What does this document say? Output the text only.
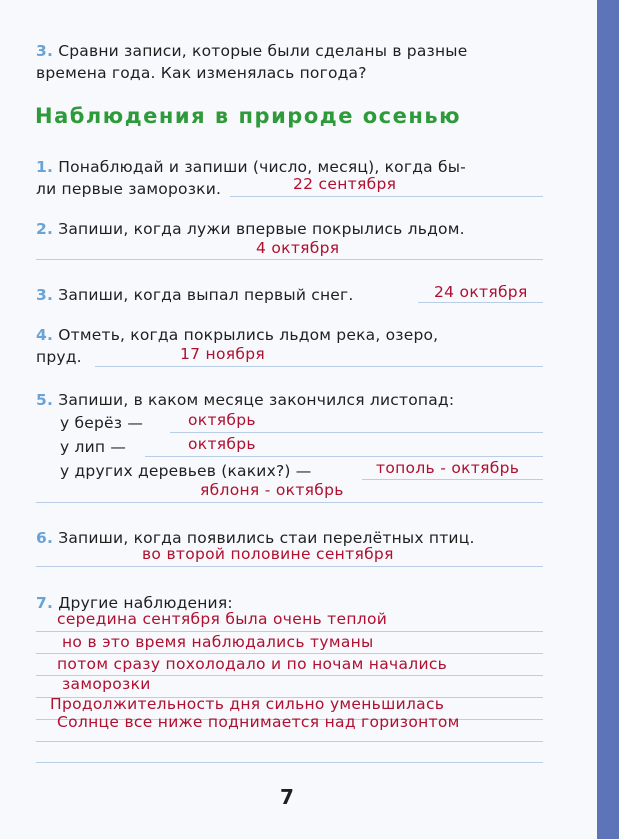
3. Сравни записи, которые были сделаны в разные
времена года. Как изменялась погода?
Наблюдения в природе осенью
1. Понаблюдай и запиши (число, месяц), когда бы-
ли первые заморозки.	22 сентября
2. Запиши, когда лужи впервые покрылись льдом.
4 октября
3. Запиши, когда выпал первый снег.	24 октября
4. Отметь, когда покрылись льдом река, озеро,
пруд.	17 ноября
5. Запиши, в каком месяце закончился листопад:
у берёз —	октябрь
у лип —	октябрь
у других деревьев (каких?) —	тополь - октябрь
яблоня - октябрь
6. Запиши, когда появились стаи перелётных птиц.
во второй половине сентября
7. Другие наблюдения:
середина сентября была очень теплой
но в это время наблюдались туманы
потом сразу похолодало и по ночам начались
заморозки
Продолжительность дня сильно уменьшилась
Солнце все ниже поднимается над горизонтом
7
